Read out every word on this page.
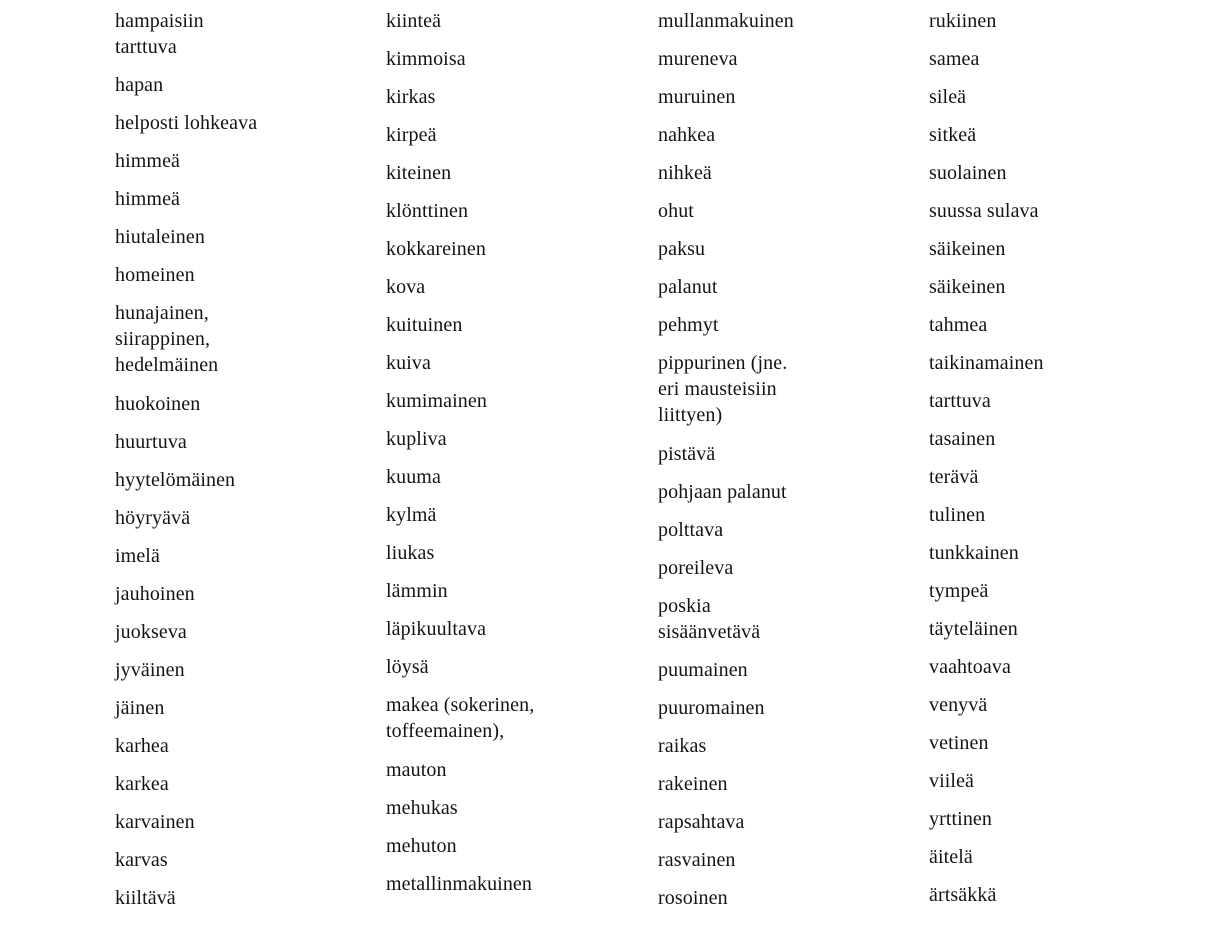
hampaisiin
tarttuva
hapan
helposti lohkeava
himmeä
himmeä
hiutaleinen
homeinen
hunajainen,
siirappinen,
hedelmäinen
huokoinen
huurtuva
hyytelömäinen
höyryävä
imelä
jauhoinen
juokseva
jyväinen
jäinen
karhea
karkea
karvainen
karvas
kiiltävä
kiinteä
kimmoisa
kirkas
kirpeä
kiteinen
klönttinen
kokkareinen
kova
kuituinen
kuiva
kumimainen
kupliva
kuuma
kylmä
liukas
lämmin
läpikuultava
löysä
makea (sokerinen,
toffeemainen),
mauton
mehukas
mehuton
metallinmakuinen
mullanmakuinen
mureneva
muruinen
nahkea
nihkeä
ohut
paksu
palanut
pehmyt
pippurinen (jne.
eri mausteisiin
liittyen)
pistävä
pohjaan palanut
polttava
poreileva
poskia
sisäänvetävä
puumainen
puuromainen
raikas
rakeinen
rapsahtava
rasvainen
rosoinen
rukiinen
samea
sileä
sitkeä
suolainen
suussa sulava
säikeinen
säikeinen
tahmea
taikinamainen
tarttuva
tasainen
terävä
tulinen
tunkkainen
tympeä
täyteläinen
vaahtoava
venyvä
vetinen
viileä
yrttinen
äitelä
ärtsäkkä
